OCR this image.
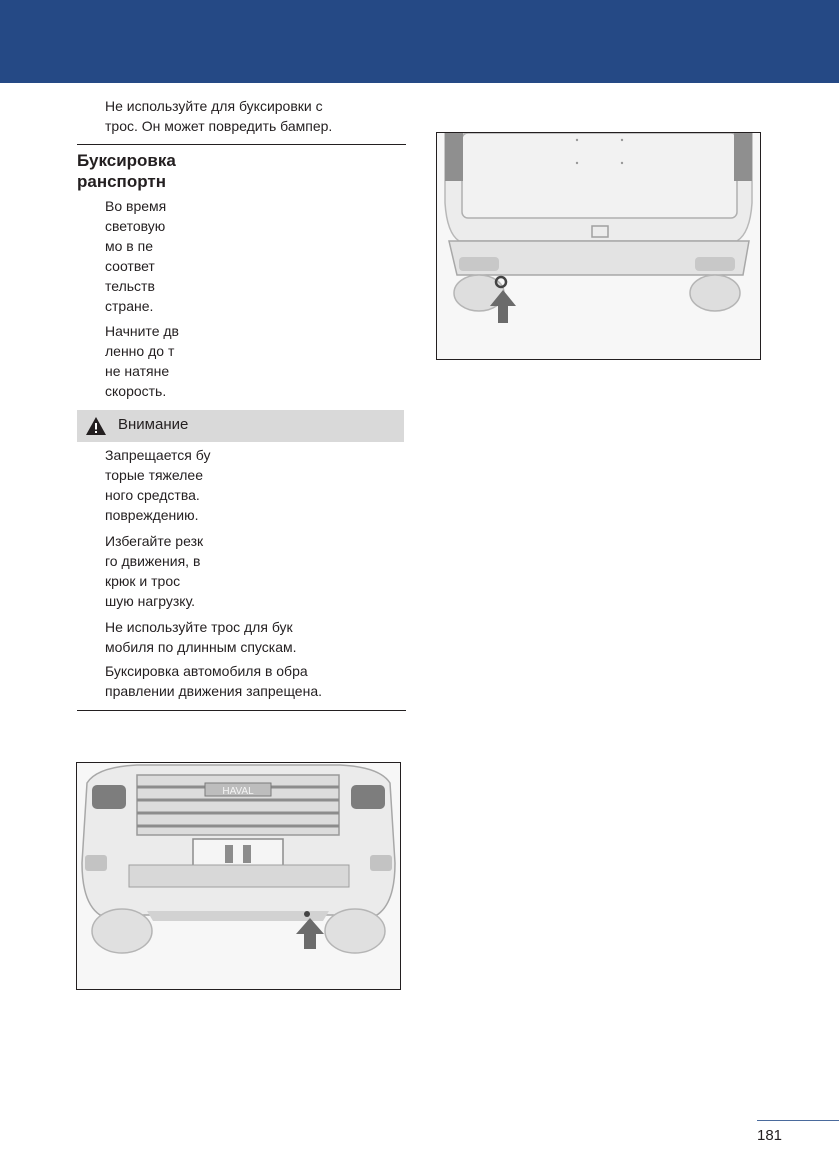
Не используйте для буксировки с
трос. Он может повредить бампер.

Буксировка
ранспортн

Во время
световую
мо в пе
соответ
тельств
стране.

Начните дв
ленно до т
не натяне
скорость.

Внимание

Запрещается бу
торые тяжелее
ного средства.
повреждению.

Избегайте резк
го движения, в
крюк и трос
шую нагрузку.

Не используйте трос для бук
мобиля по длинным спускам.

Буксировка автомобиля в обра
правлении движения запрещена.

HAVAL
181
